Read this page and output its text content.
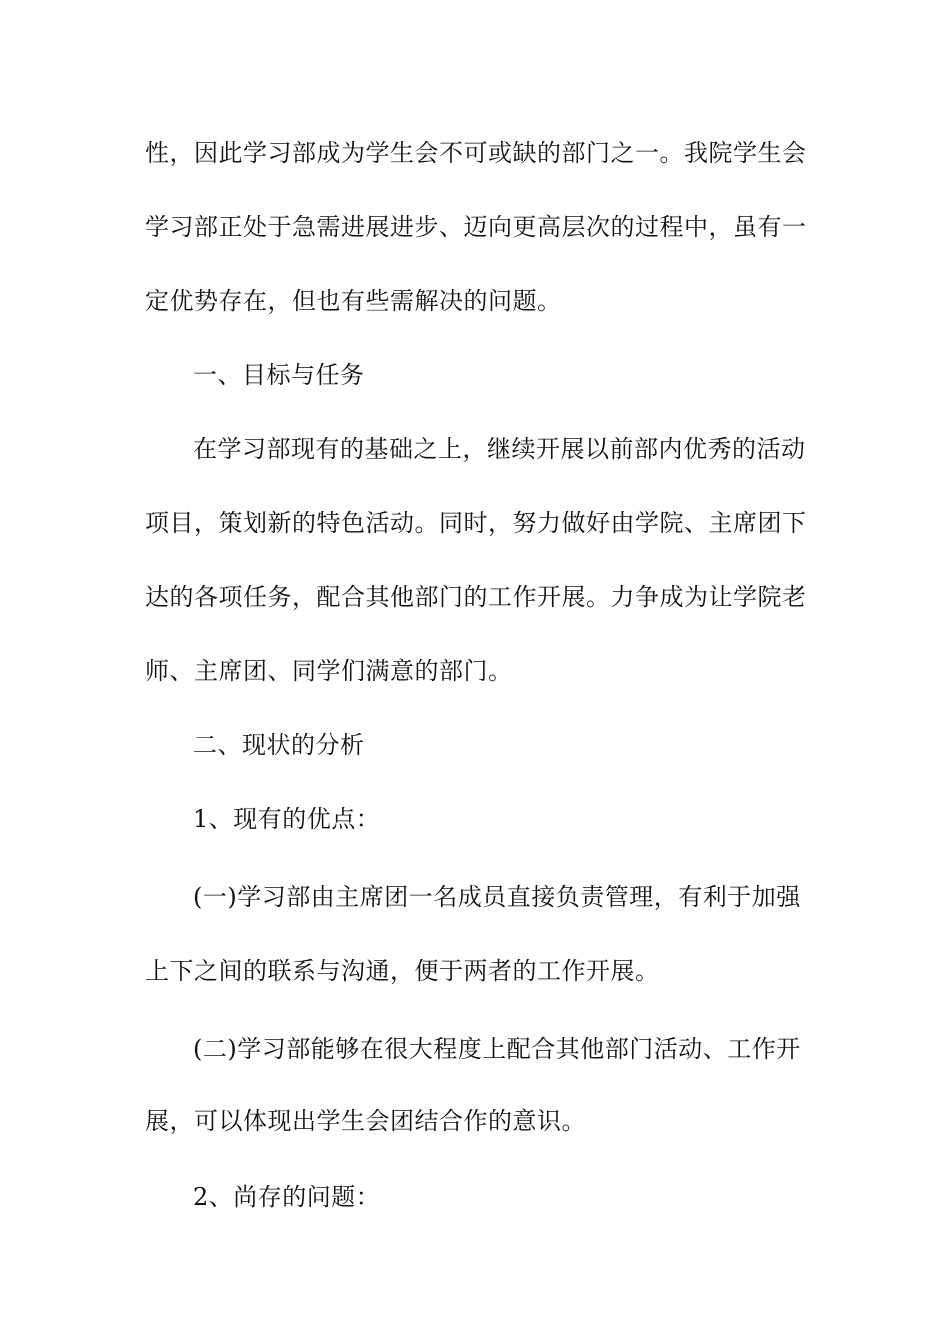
性，因此学习部成为学生会不可或缺的部门之一。我院学生会
学习部正处于急需进展进步、迈向更高层次的过程中，虽有一
定优势存在，但也有些需解决的问题。
一、目标与任务
在学习部现有的基础之上，继续开展以前部内优秀的活动
项目，策划新的特色活动。同时，努力做好由学院、主席团下
达的各项任务，配合其他部门的工作开展。力争成为让学院老
师、主席团、同学们满意的部门。
二、现状的分析
1、现有的优点：
(一)学习部由主席团一名成员直接负责管理，有利于加强
上下之间的联系与沟通，便于两者的工作开展。
(二)学习部能够在很大程度上配合其他部门活动、工作开
展，可以体现出学生会团结合作的意识。
2、尚存的问题：
